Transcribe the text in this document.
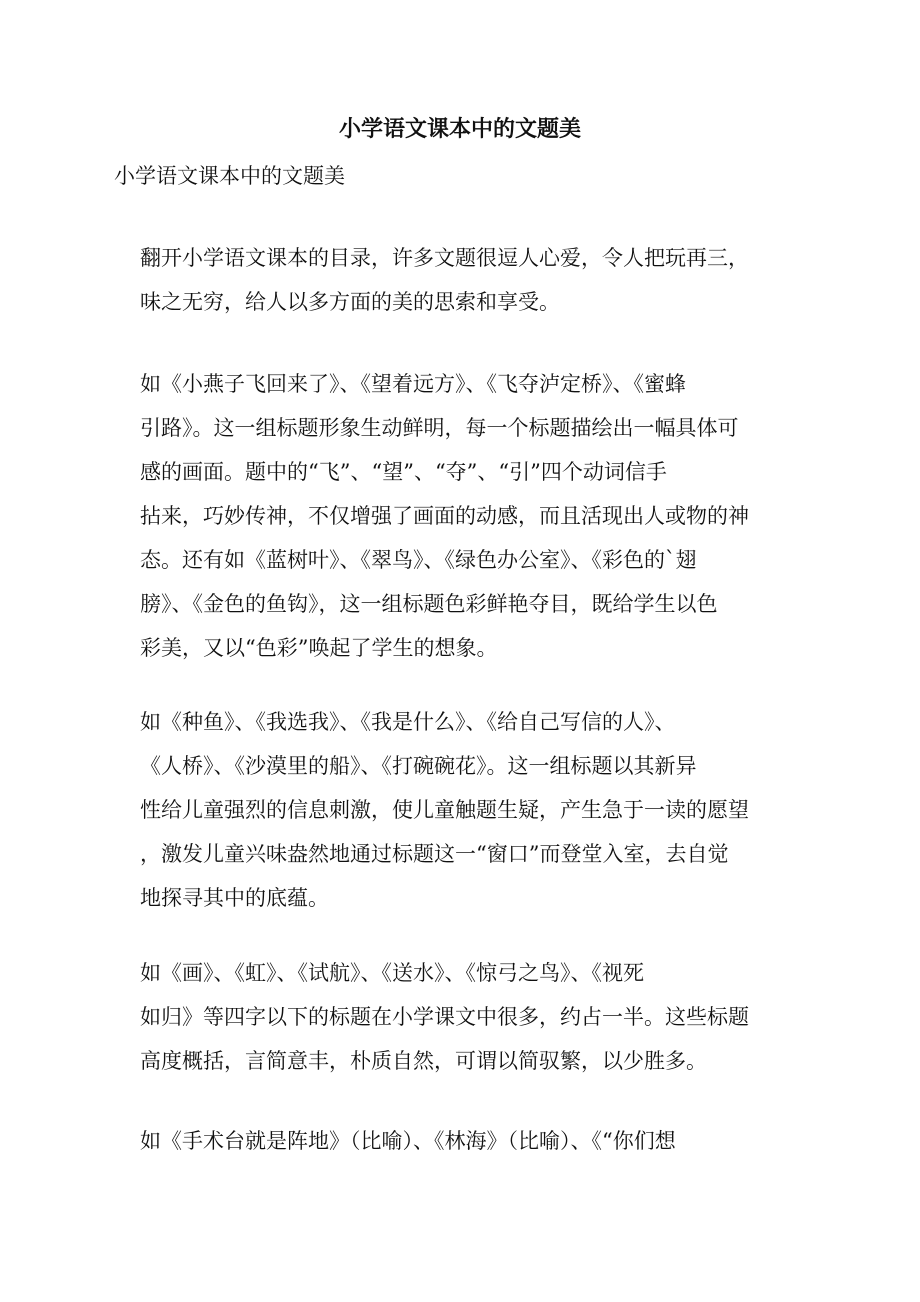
小学语文课本中的文题美
小学语文课本中的文题美
翻开小学语文课本的目录，许多文题很逗人心爱，令人把玩再三，
味之无穷，给人以多方面的美的思索和享受。
如《小燕子飞回来了》、《望着远方》、《飞夺泸定桥》、《蜜蜂
引路》。这一组标题形象生动鲜明，每一个标题描绘出一幅具体可
感的画面。题中的“飞”、“望”、“夺”、“引”四个动词信手
拈来，巧妙传神，不仅增强了画面的动感，而且活现出人或物的神
态。还有如《蓝树叶》、《翠鸟》、《绿色办公室》、《彩色的`翅
膀》、《金色的鱼钩》，这一组标题色彩鲜艳夺目，既给学生以色
彩美，又以“色彩”唤起了学生的想象。
如《种鱼》、《我选我》、《我是什么》、《给自己写信的人》、
《人桥》、《沙漠里的船》、《打碗碗花》。这一组标题以其新异
性给儿童强烈的信息刺激，使儿童触题生疑，产生急于一读的愿望
，激发儿童兴味盎然地通过标题这一“窗口”而登堂入室，去自觉
地探寻其中的底蕴。
如《画》、《虹》、《试航》、《送水》、《惊弓之鸟》、《视死
如归》等四字以下的标题在小学课文中很多，约占一半。这些标题
高度概括，言简意丰，朴质自然，可谓以简驭繁，以少胜多。
如《手术台就是阵地》（比喻）、《林海》（比喻）、《“你们想
